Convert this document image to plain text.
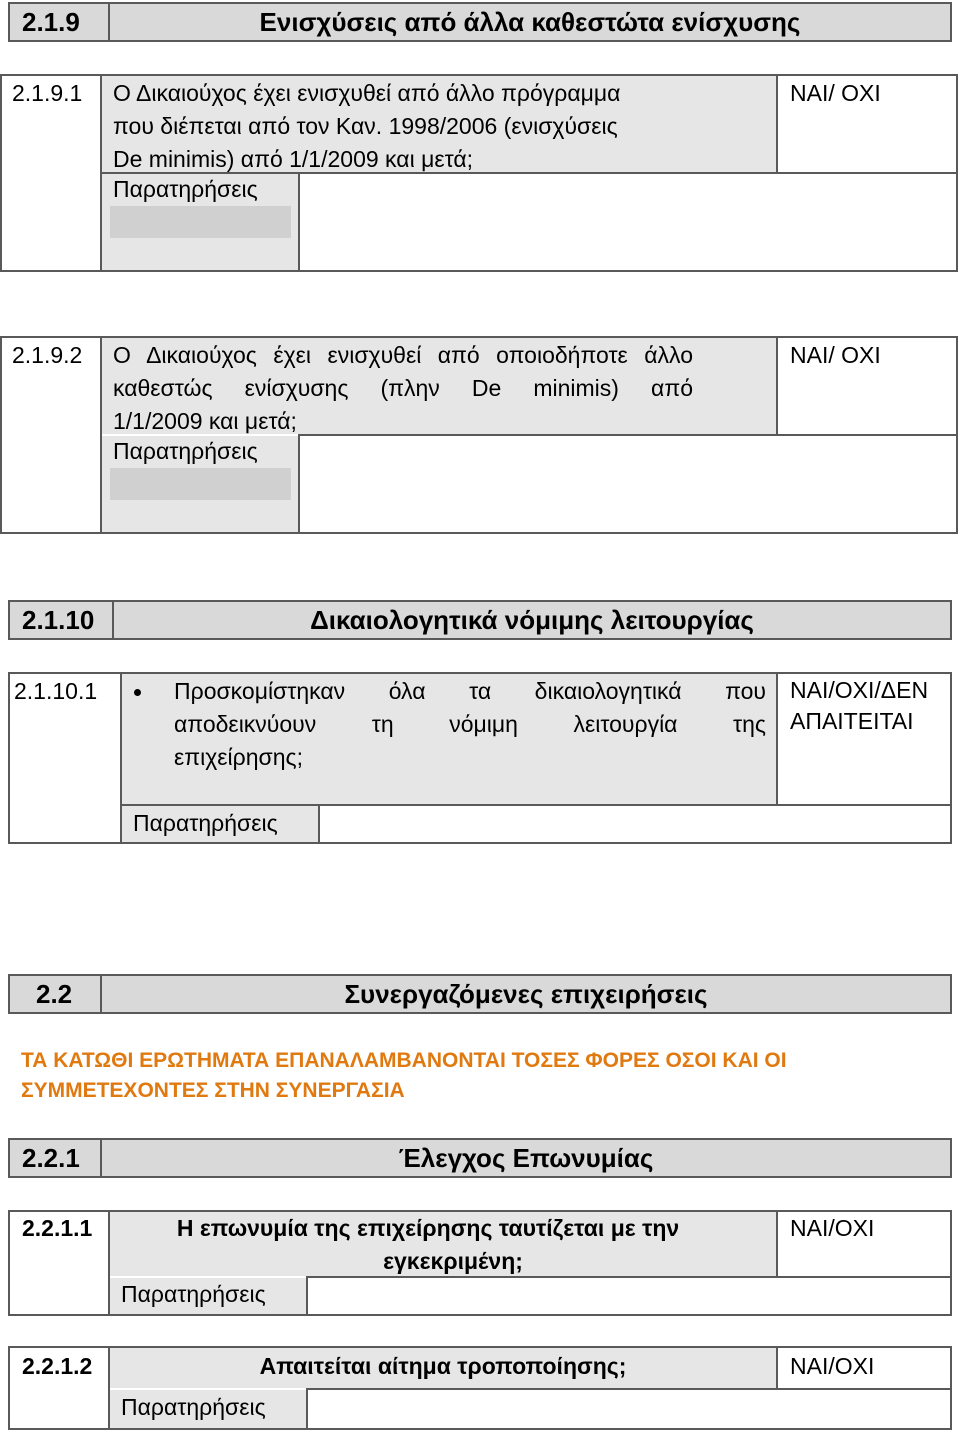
2.1.9	Ενισχύσεις από άλλα καθεστώτα ενίσχυσης
2.1.9.1 Ο Δικαιούχος έχει ενισχυθεί από άλλο πρόγραμμα
που διέπεται από τον Καν. 1998/2006 (ενισχύσεις
De minimis) από 1/1/2009 και μετά;
ΝΑΙ/ ΟΧΙ
Παρατηρήσεις
2.1.9.2 Ο Δικαιούχος έχει ενισχυθεί από οποιοδήποτε άλλο
καθεστώς ενίσχυσης (πλην De minimis) από
1/1/2009 και μετά;
ΝΑΙ/ ΟΧΙ
Παρατηρήσεις
2.1.10	Δικαιολογητικά νόμιμης λειτουργίας
2.1.10.1	Προσκομίστηκαν όλα τα δικαιολογητικά που
αποδεικνύουν τη νόμιμη λειτουργία της
επιχείρησης;
ΝΑΙ/ΟΧΙ/ΔΕΝ
ΑΠΑΙΤΕΙΤΑΙ
Παρατηρήσεις
2.2	Συνεργαζόμενες επιχειρήσεις
ΤΑ ΚΑΤΩΘΙ ΕΡΩΤΗΜΑΤΑ ΕΠΑΝΑΛΑΜΒΑΝΟΝΤΑΙ ΤΟΣΕΣ ΦΟΡΕΣ ΟΣΟΙ ΚΑΙ ΟΙ
ΣΥΜΜΕΤΕΧΟΝΤΕΣ ΣΤΗΝ ΣΥΝΕΡΓΑΣΙΑ
2.2.1	Έλεγχος Επωνυμίας
2.2.1.1	Η επωνυμία της επιχείρησης ταυτίζεται με την
εγκεκριμένη;
ΝΑΙ/ΟΧΙ
Παρατηρήσεις
2.2.1.2	Απαιτείται αίτημα τροποποίησης;	ΝΑΙ/ΟΧΙ
Παρατηρήσεις
